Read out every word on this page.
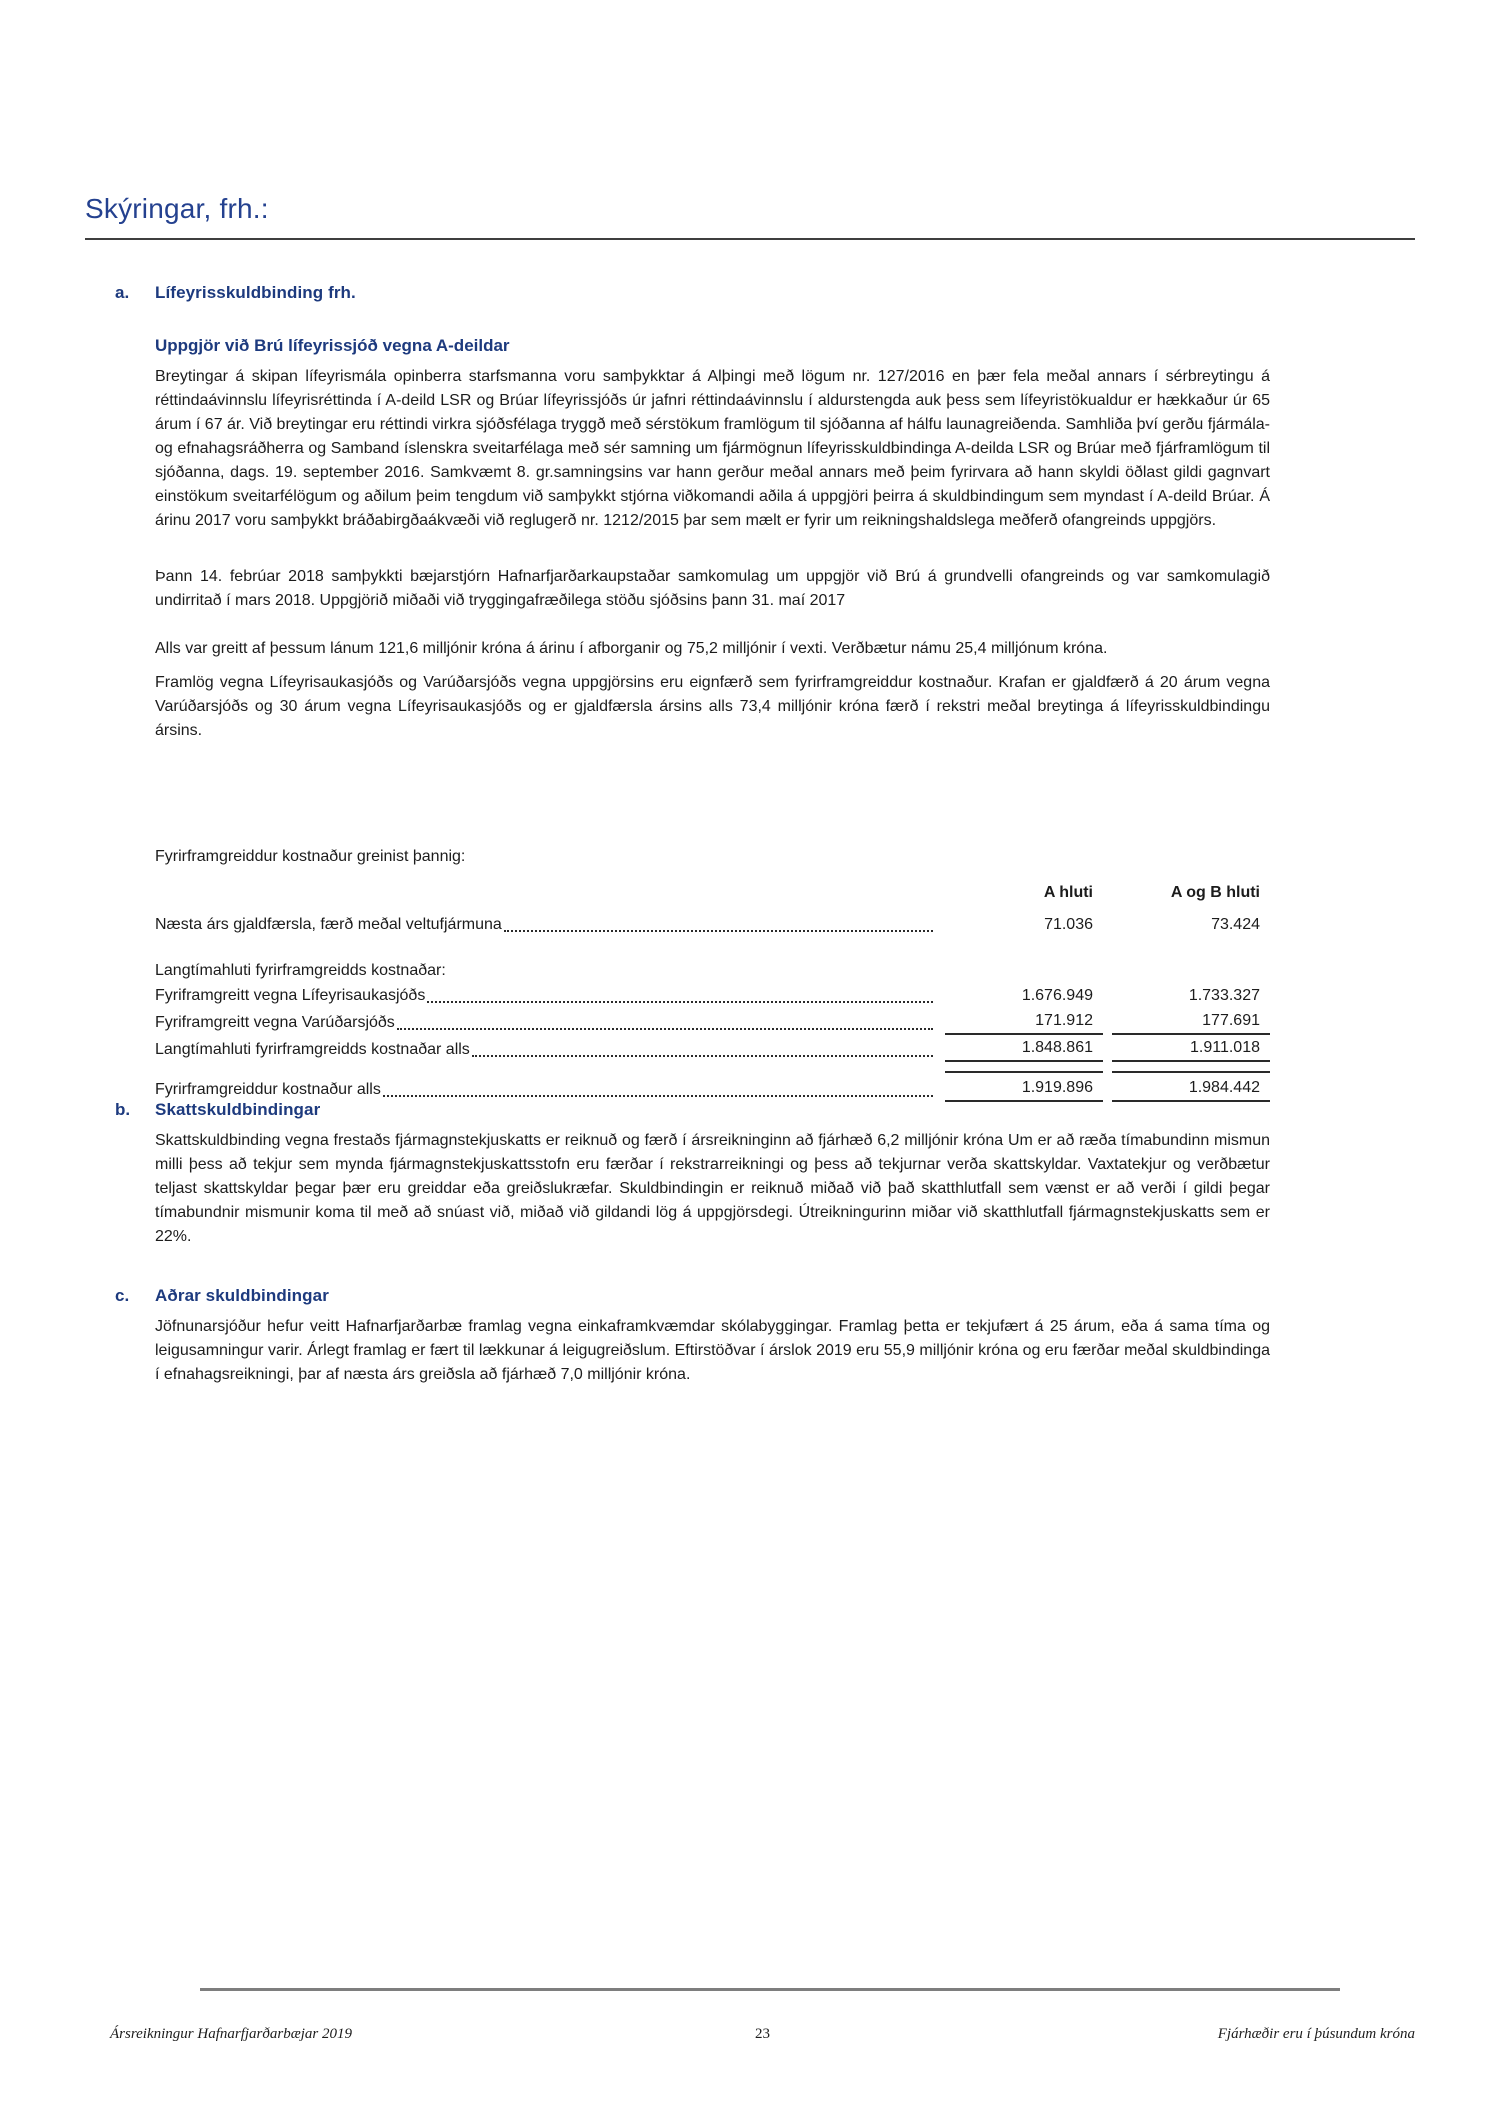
Skýringar, frh.:
a.	Lífeyrisskuldbinding frh.
Uppgjör við Brú lífeyrissjóð vegna A-deildar

Breytingar á skipan lífeyrismála opinberra starfsmanna voru samþykktar á Alþingi með lögum nr. 127/2016 en þær fela meðal annars í sérbreytingu á réttindaávinnslu lífeyrisréttinda í A-deild LSR og Brúar lífeyrissjóðs úr jafnri réttindaávinnslu í aldurstengda auk þess sem lífeyristökualdur er hækkaður úr 65 árum í 67 ár. Við breytingar eru réttindi virkra sjóðsfélaga tryggð með sérstökum framlögum til sjóðanna af hálfu launagreiðenda. Samhliða því gerðu fjármála- og efnahagsráðherra og Samband íslenskra sveitarfélaga með sér samning um fjármögnun lífeyrisskuldbindinga A-deilda LSR og Brúar með fjárframlögum til sjóðanna, dags. 19. september 2016. Samkvæmt 8. gr.samningsins var hann gerður meðal annars með þeim fyrirvara að hann skyldi öðlast gildi gagnvart einstökum sveitarfélögum og aðilum þeim tengdum við samþykkt stjórna viðkomandi aðila á uppgjöri þeirra á skuldbindingum sem myndast í A-deild Brúar. Á árinu 2017 voru samþykkt bráðabirgðaákvæði við reglugerð nr. 1212/2015 þar sem mælt er fyrir um reikningshaldslega meðferð ofangreinds uppgjörs.

Þann 14. febrúar 2018 samþykkti bæjarstjórn Hafnarfjarðarkaupstaðar samkomulag um uppgjör við Brú á grundvelli ofangreinds og var samkomulagið undirritað í mars 2018. Uppgjörið miðaði við tryggingafræðilega stöðu sjóðsins þann 31. maí 2017

Alls var greitt af þessum lánum 121,6 milljónir króna á árinu í afborganir og 75,2 milljónir í vexti. Verðbætur námu 25,4 milljónum króna.

Framlög vegna Lífeyrisaukasjóðs og Varúðarsjóðs vegna uppgjörsins eru eignfærð sem fyrirframgreiddur kostnaður. Krafan er gjaldfærð á 20 árum vegna Varúðarsjóðs og 30 árum vegna Lífeyrisaukasjóðs og er gjaldfærsla ársins alls 73,4 milljónir króna færð í rekstri meðal breytinga á lífeyrisskuldbindingu ársins.

Fyrirframgreiddur kostnaður greinist þannig:

A hluti	A og B hluti
Næsta árs gjaldfærsla, færð meðal veltufjármuna	71.036	73.424
Langtímahluti fyrirframgreidds kostnaðar:
Fyriframgreitt vegna Lífeyrisaukasjóðs	1.676.949	1.733.327
Fyriframgreitt vegna Varúðarsjóðs	171.912	177.691
Langtímahluti fyrirframgreidds kostnaðar alls	1.848.861	1.911.018
Fyrirframgreiddur kostnaður alls	1.919.896	1.984.442
b.	Skattskuldbindingar

Skattskuldbinding vegna frestaðs fjármagnstekjuskatts er reiknuð og færð í ársreikninginn að fjárhæð 6,2 milljónir króna Um er að ræða tímabundinn mismun milli þess að tekjur sem mynda fjármagnstekjuskattsstofn eru færðar í rekstrarreikningi og þess að tekjurnar verða skattskyldar. Vaxtatekjur og verðbætur teljast skattskyldar þegar þær eru greiddar eða greiðslukræfar. Skuldbindingin er reiknuð miðað við það skatthlutfall sem vænst er að verði í gildi þegar tímabundnir mismunir koma til með að snúast við, miðað við gildandi lög á uppgjörsdegi. Útreikningurinn miðar við skatthlutfall fjármagnstekjuskatts sem er 22%.

c.	Aðrar skuldbindingar

Jöfnunarsjóður hefur veitt Hafnarfjarðarbæ framlag vegna einkaframkvæmdar skólabyggingar. Framlag þetta er tekjufært á 25 árum, eða á sama tíma og leigusamningur varir. Árlegt framlag er fært til lækkunar á leigugreiðslum. Eftirstöðvar í árslok 2019 eru 55,9 milljónir króna og eru færðar meðal skuldbindinga í efnahagsreikningi, þar af næsta árs greiðsla að fjárhæð 7,0 milljónir króna.

23
Ársreikningur Hafnarfjarðarbæjar 2019	Fjárhæðir eru í þúsundum króna
